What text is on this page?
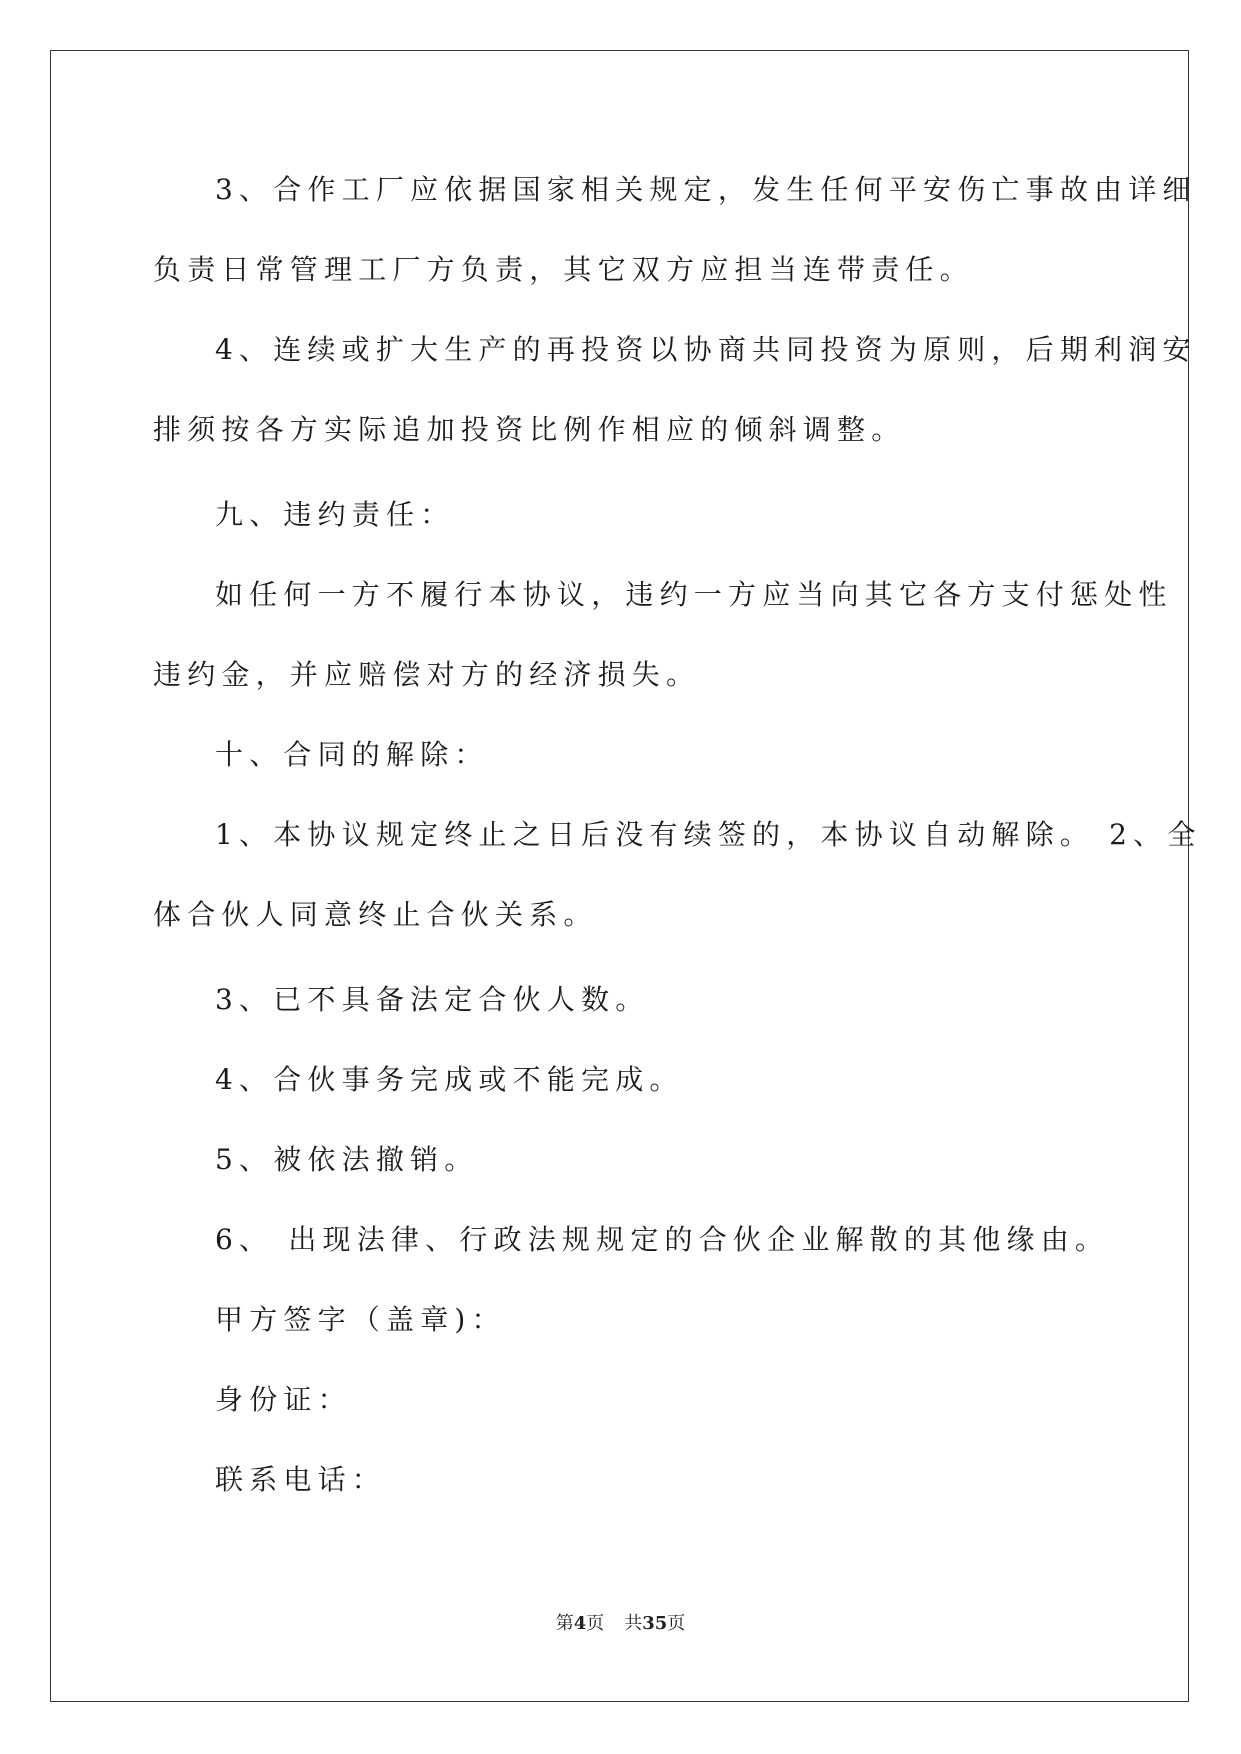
3、合作工厂应依据国家相关规定，发生任何平安伤亡事故由详细
负责日常管理工厂方负责，其它双方应担当连带责任。
4、连续或扩大生产的再投资以协商共同投资为原则，后期利润安
排须按各方实际追加投资比例作相应的倾斜调整。
九、违约责任：
如任何一方不履行本协议，违约一方应当向其它各方支付惩处性
违约金，并应赔偿对方的经济损失。
十、合同的解除：
1、本协议规定终止之日后没有续签的，本协议自动解除。 2、全
体合伙人同意终止合伙关系。
3、已不具备法定合伙人数。
4、合伙事务完成或不能完成。
5、被依法撤销。
6、 出现法律、行政法规规定的合伙企业解散的其他缘由。
甲方签字（盖章)：
身份证：
联系电话：
第4页 共35页
